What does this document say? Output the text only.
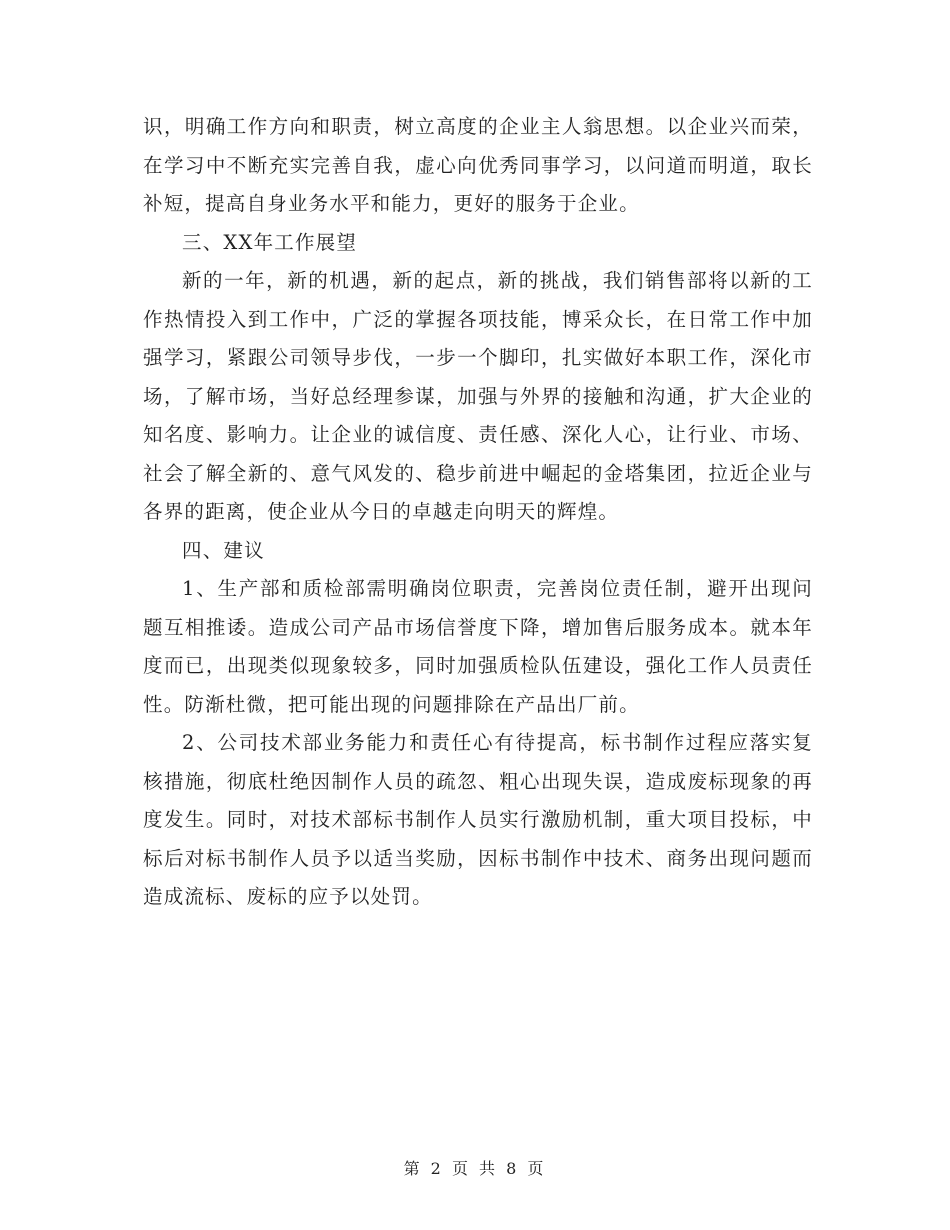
识，明确工作方向和职责，树立高度的企业主人翁思想。以企业兴而荣，在学习中不断充实完善自我，虚心向优秀同事学习，以问道而明道，取长补短，提高自身业务水平和能力，更好的服务于企业。

三、XX年工作展望

新的一年，新的机遇，新的起点，新的挑战，我们销售部将以新的工作热情投入到工作中，广泛的掌握各项技能，博采众长，在日常工作中加强学习，紧跟公司领导步伐，一步一个脚印，扎实做好本职工作，深化市场，了解市场，当好总经理参谋，加强与外界的接触和沟通，扩大企业的知名度、影响力。让企业的诚信度、责任感、深化人心，让行业、市场、社会了解全新的、意气风发的、稳步前进中崛起的金塔集团，拉近企业与各界的距离，使企业从今日的卓越走向明天的辉煌。

四、建议

1、生产部和质检部需明确岗位职责，完善岗位责任制，避开出现问题互相推诿。造成公司产品市场信誉度下降，增加售后服务成本。就本年度而已，出现类似现象较多，同时加强质检队伍建设，强化工作人员责任性。防渐杜微，把可能出现的问题排除在产品出厂前。

2、公司技术部业务能力和责任心有待提高，标书制作过程应落实复核措施，彻底杜绝因制作人员的疏忽、粗心出现失误，造成废标现象的再度发生。同时，对技术部标书制作人员实行激励机制，重大项目投标，中标后对标书制作人员予以适当奖励，因标书制作中技术、商务出现问题而造成流标、废标的应予以处罚。

第 2 页 共 8 页
